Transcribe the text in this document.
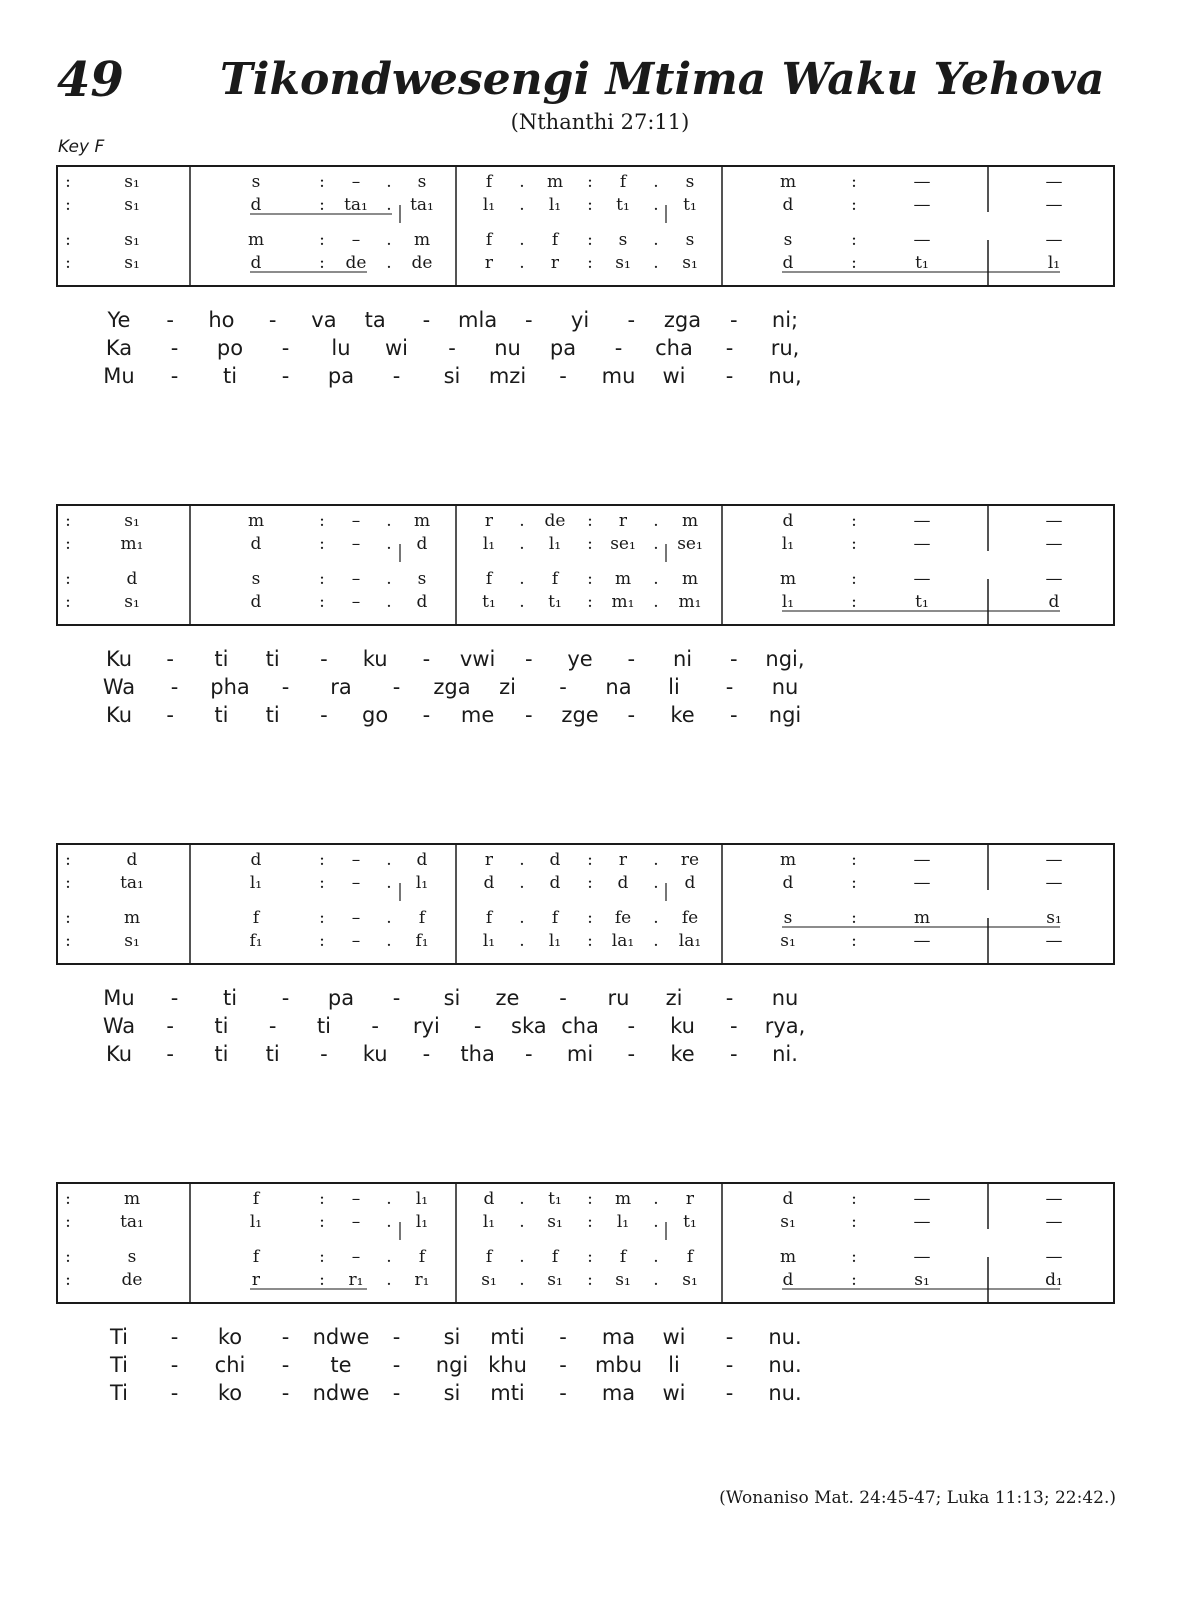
49 Tikondwesengi Mtima Waku Yehova
(Nthanthi 27:11)
Key F
:	s₁	s	: – . s	f . m : f . s	m	:	—	—
:	s₁	d	: ta₁ . ta₁	l₁ . l₁ : t₁ . t₁	d	:	—	—
:	s₁	m	: – . m	f . f : s . s	s	:	—	—
:	s₁	d	: de . de	r . r : s₁ . s₁	d	:	t₁	l₁
Ye - ho - va ta - mla - yi - zga - ni;
Ka - po - lu wi - nu pa - cha - ru,
Mu - ti - pa - si mzi - mu wi - nu,
:	s₁	m	: – . m	r . de : r . m	d	:	—	—
:	m₁	d	: – . d	l₁ . l₁ : se₁ . se₁	l₁	:	—	—
:	d	s	: – . s	f . f : m . m	m	:	—	—
:	s₁	d	: – . d	t₁ . t₁ : m₁ . m₁	l₁	:	t₁	d
Ku - ti ti - ku - vwi - ye - ni - ngi,
Wa - pha - ra - zga zi - na li - nu
Ku - ti ti - go - me - zge - ke - ngi
:	d	d	: – . d	r . d : r . re	m	:	—	—
:	ta₁	l₁	: – . l₁	d . d : d . d	d	:	—	—
:	m	f	: – . f	f . f : fe . fe	s	:	m	s₁
:	s₁	f₁	: – . f₁	l₁ . l₁ : la₁ . la₁	s₁	:	—	—
Mu - ti - pa - si ze - ru zi - nu
Wa - ti - ti - ryi - ska cha - ku - rya,
Ku - ti ti - ku - tha - mi - ke - ni.
:	m	f	: – . l₁	d . t₁ : m . r	d	:	—	—
:	ta₁	l₁	: – . l₁	l₁ . s₁ : l₁ . t₁	s₁	:	—	—
:	s	f	: – . f	f . f : f . f	m	:	—	—
:	de	r	: r₁ . r₁	s₁ . s₁ : s₁ . s₁	d	:	s₁	d₁
Ti - ko - ndwe - si mti - ma wi - nu.
Ti - chi - te - ngi khu - mbu li - nu.
Ti - ko - ndwe - si mti - ma wi - nu.
(Wonaniso Mat. 24:45-47; Luka 11:13; 22:42.)
